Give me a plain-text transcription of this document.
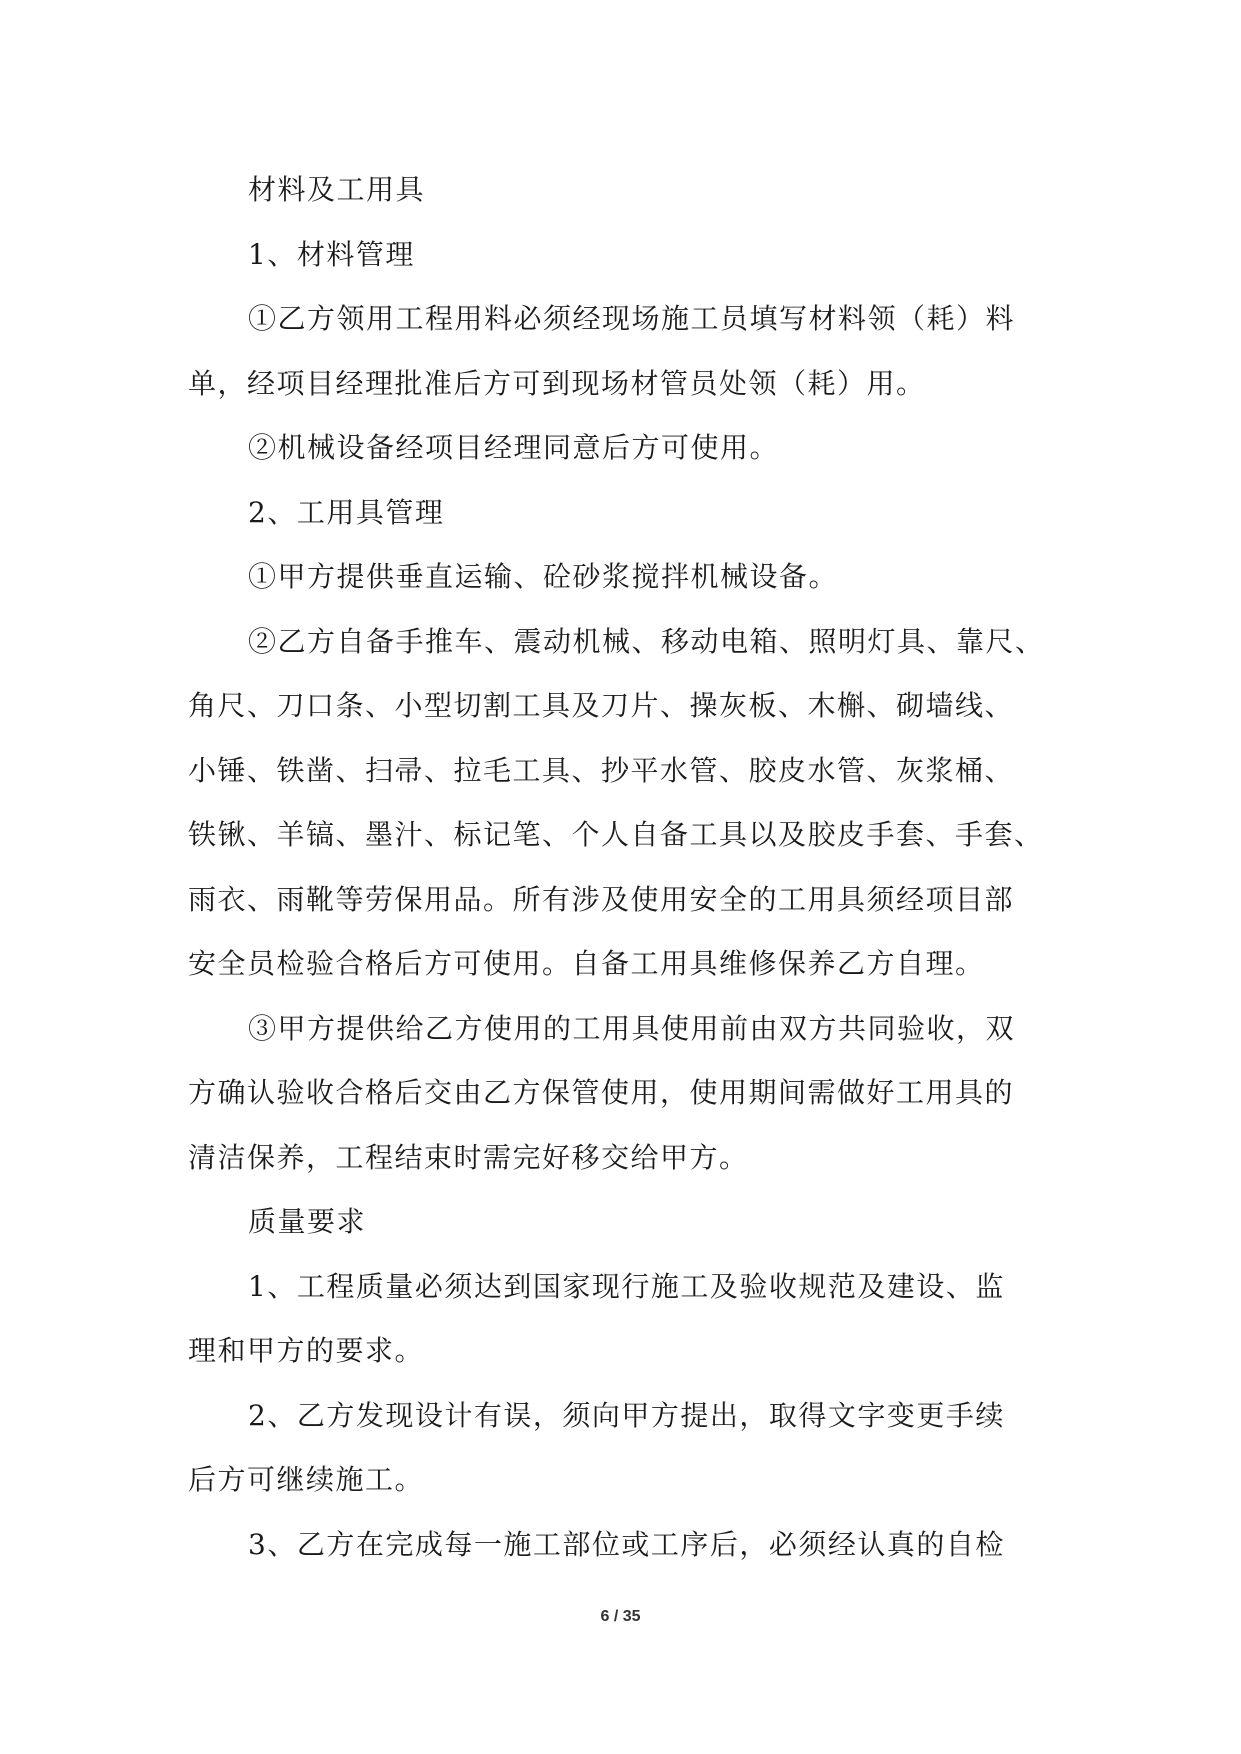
材料及工用具
1、材料管理
①乙方领用工程用料必须经现场施工员填写材料领（耗）料
单，经项目经理批准后方可到现场材管员处领（耗）用。
②机械设备经项目经理同意后方可使用。
2、工用具管理
①甲方提供垂直运输、砼砂浆搅拌机械设备。
②乙方自备手推车、震动机械、移动电箱、照明灯具、靠尺、
角尺、刀口条、小型切割工具及刀片、操灰板、木槲、砌墙线、
小锤、铁凿、扫帚、拉毛工具、抄平水管、胶皮水管、灰浆桶、
铁锹、羊镐、墨汁、标记笔、个人自备工具以及胶皮手套、手套、
雨衣、雨靴等劳保用品。所有涉及使用安全的工用具须经项目部
安全员检验合格后方可使用。自备工用具维修保养乙方自理。
③甲方提供给乙方使用的工用具使用前由双方共同验收，双
方确认验收合格后交由乙方保管使用，使用期间需做好工用具的
清洁保养，工程结束时需完好移交给甲方。
质量要求
1、工程质量必须达到国家现行施工及验收规范及建设、监
理和甲方的要求。
2、乙方发现设计有误，须向甲方提出，取得文字变更手续
后方可继续施工。
3、乙方在完成每一施工部位或工序后，必须经认真的自检
6 / 35
